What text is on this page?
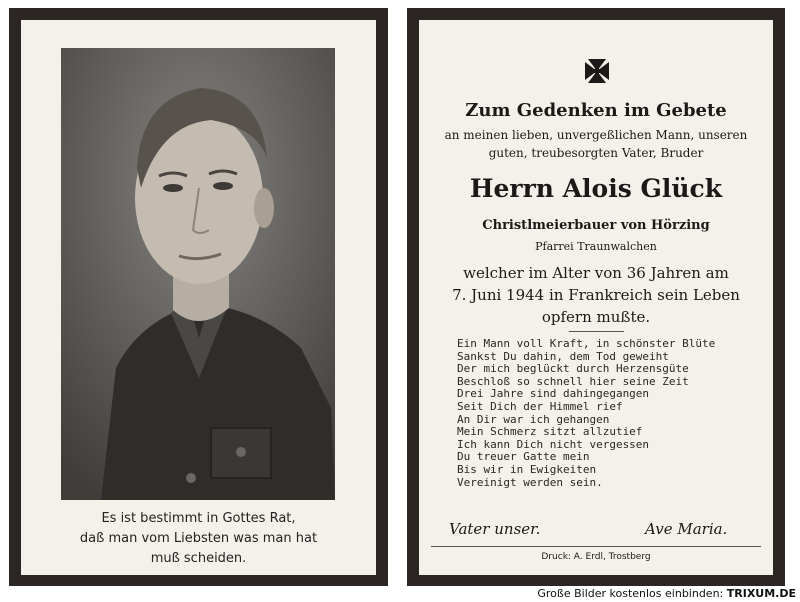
Es ist bestimmt in Gottes Rat,
daß man vom Liebsten was man hat
muß scheiden.
Zum Gedenken im Gebete
an meinen lieben, unvergeßlichen Mann, unseren
guten, treubesorgten Vater, Bruder
Herrn Alois Glück
Christlmeierbauer von Hörzing
Pfarrei Traunwalchen
welcher im Alter von 36 Jahren am
7. Juni 1944 in Frankreich sein Leben
opfern mußte.
Ein Mann voll Kraft, in schönster Blüte
Sankst Du dahin, dem Tod geweiht
Der mich beglückt durch Herzensgüte
Beschloß so schnell hier seine Zeit
Drei Jahre sind dahingegangen
Seit Dich der Himmel rief
An Dir war ich gehangen
Mein Schmerz sitzt allzutief
Ich kann Dich nicht vergessen
Du treuer Gatte mein
Bis wir in Ewigkeiten
Vereinigt werden sein.
Vater unser.	Ave Maria.
Druck: A. Erdl, Trostberg
Große Bilder kostenlos einbinden: TRIXUM.DE
